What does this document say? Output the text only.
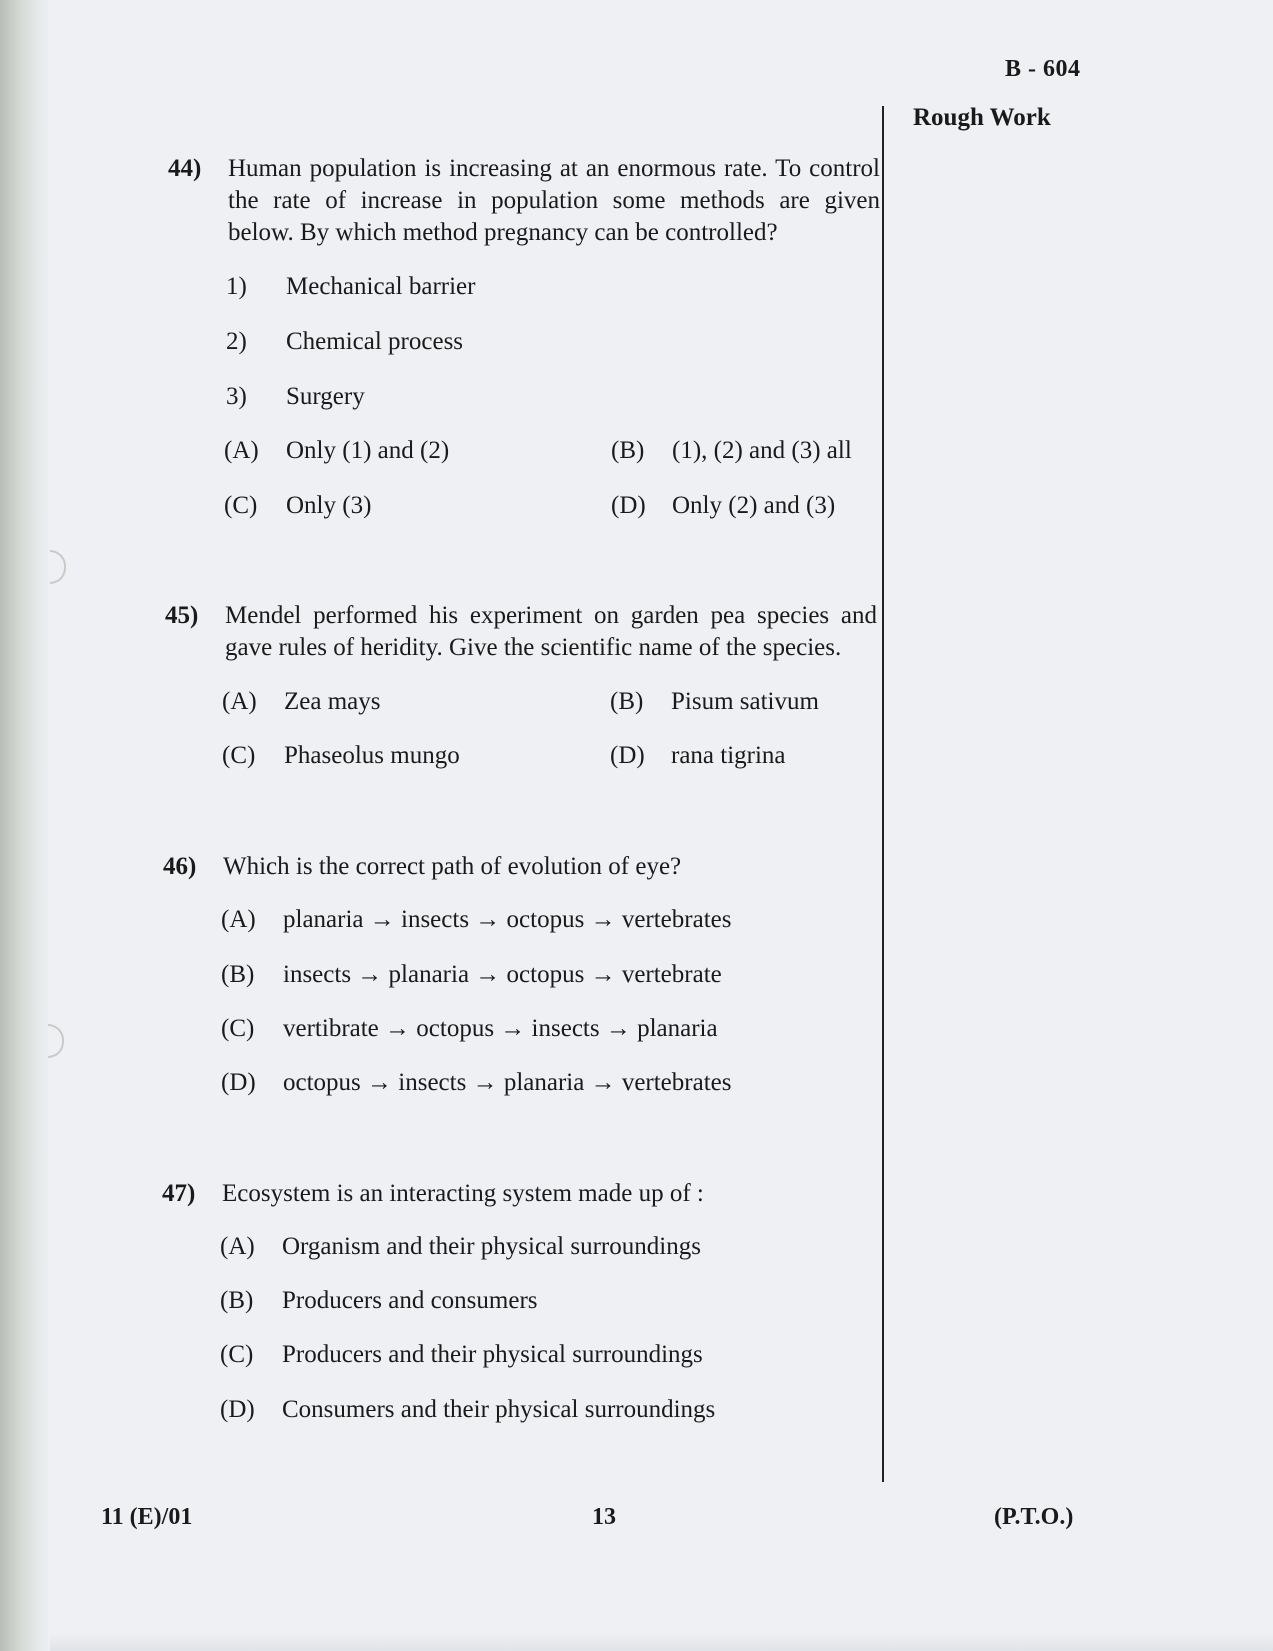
B - 604
Rough Work
44) Human population is increasing at an enormous rate. To control
the rate of increase in population some methods are given
below. By which method pregnancy can be controlled?
1) Mechanical barrier
2) Chemical process
3) Surgery
(A) Only (1) and (2)	(B) (1), (2) and (3) all
(C) Only (3)	(D) Only (2) and (3)
45) Mendel performed his experiment on garden pea species and
gave rules of heridity. Give the scientific name of the species.
(A) Zea mays	(B) Pisum sativum
(C) Phaseolus mungo	(D) rana tigrina
46) Which is the correct path of evolution of eye?
(A) planaria → insects → octopus → vertebrates
(B) insects → planaria → octopus → vertebrate
(C) vertibrate → octopus → insects → planaria
(D) octopus → insects → planaria → vertebrates
47) Ecosystem is an interacting system made up of :
(A) Organism and their physical surroundings
(B) Producers and consumers
(C) Producers and their physical surroundings
(D) Consumers and their physical surroundings
11 (E)/01	13	(P.T.O.)
